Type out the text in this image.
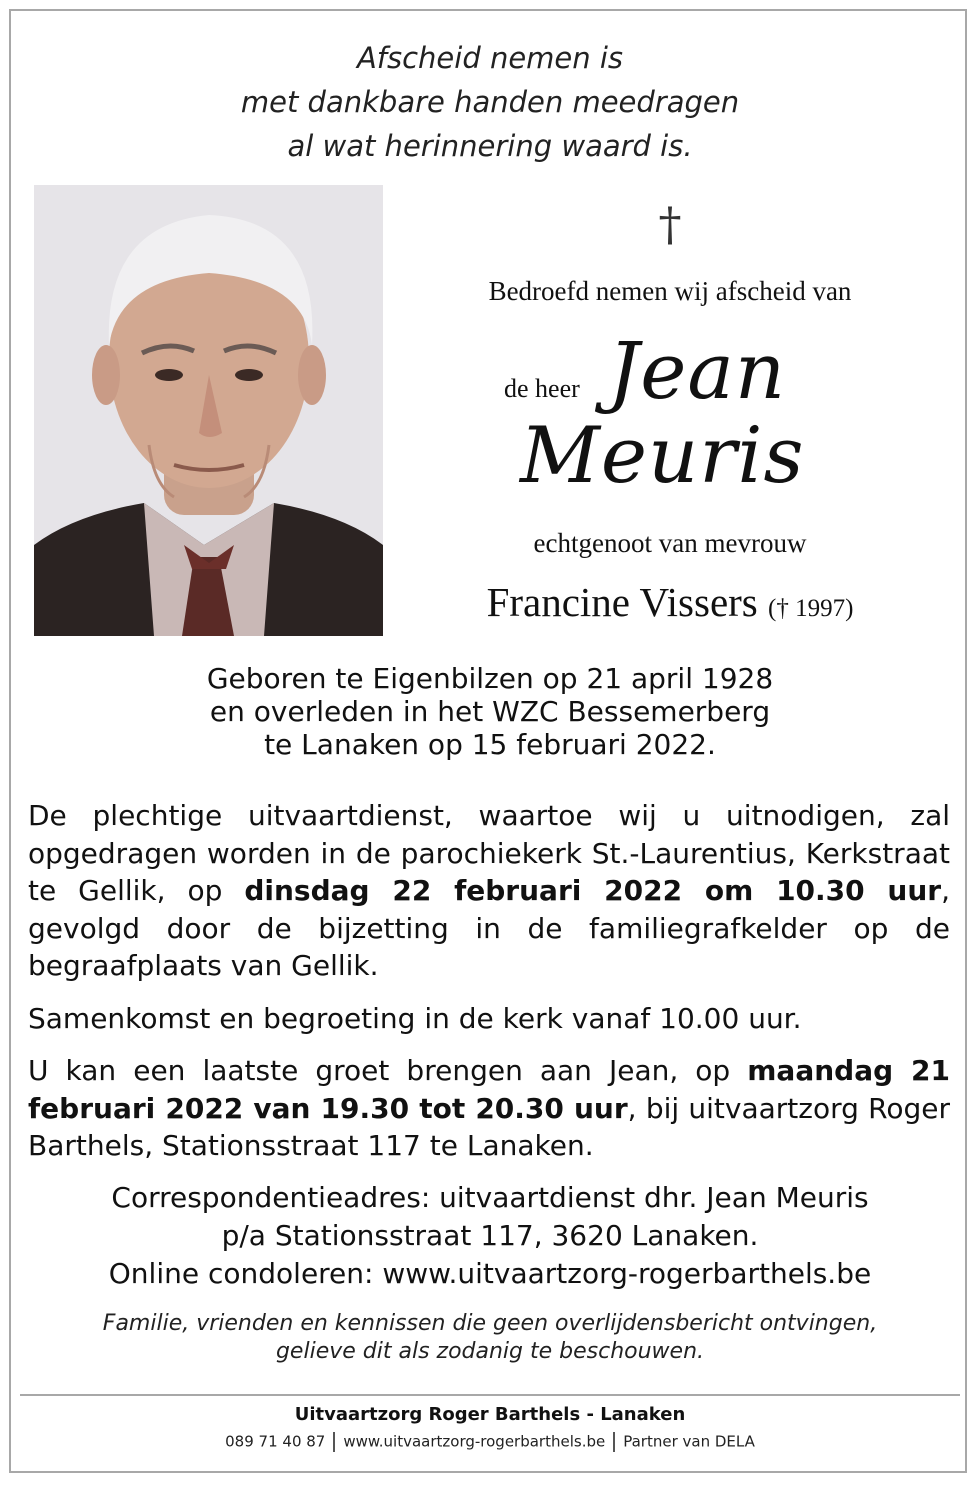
Afscheid nemen is
met dankbare handen meedragen
al wat herinnering waard is.
†
Bedroefd nemen wij afscheid van
de heer Jean
Meuris
echtgenoot van mevrouw
Francine Vissers († 1997)
Geboren te Eigenbilzen op 21 april 1928
en overleden in het WZC Bessemerberg
te Lanaken op 15 februari 2022.
De plechtige uitvaartdienst, waartoe wij u uitnodigen, zal opgedragen worden in de parochiekerk St.-Laurentius, Kerkstraat te Gellik, op dinsdag 22 februari 2022 om 10.30 uur, gevolgd door de bijzetting in de familiegrafkelder op de begraafplaats van Gellik.
Samenkomst en begroeting in de kerk vanaf 10.00 uur.
U kan een laatste groet brengen aan Jean, op maandag 21 februari 2022 van 19.30 tot 20.30 uur, bij uitvaartzorg Roger Barthels, Stationsstraat 117 te Lanaken.
Correspondentieadres: uitvaartdienst dhr. Jean Meuris
p/a Stationsstraat 117, 3620 Lanaken.
Online condoleren: www.uitvaartzorg-rogerbarthels.be
Familie, vrienden en kennissen die geen overlijdensbericht ontvingen,
gelieve dit als zodanig te beschouwen.
Uitvaartzorg Roger Barthels - Lanaken
089 71 40 87 www.uitvaartzorg-rogerbarthels.be Partner van DELA
